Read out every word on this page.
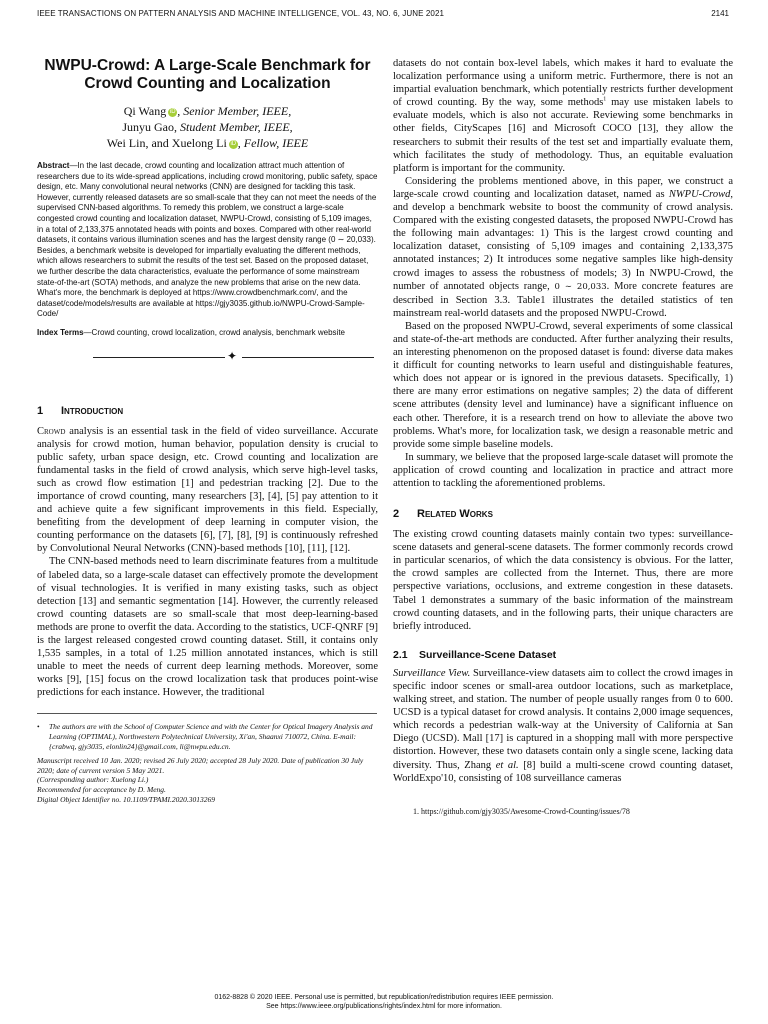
IEEE TRANSACTIONS ON PATTERN ANALYSIS AND MACHINE INTELLIGENCE, VOL. 43, NO. 6, JUNE 2021	2141
NWPU-Crowd: A Large-Scale Benchmark for
Crowd Counting and Localization
Qi Wang iD , Senior Member, IEEE,
Junyu Gao, Student Member, IEEE,
Wei Lin, and Xuelong Li iD , Fellow, IEEE
Abstract—In the last decade, crowd counting and localization attract much attention of researchers due to its wide-spread applications, including crowd monitoring, public safety, space design, etc. Many convolutional neural networks (CNN) are designed for tackling this task. However, currently released datasets are so small-scale that they can not meet the needs of the supervised CNN-based algorithms. To remedy this problem, we construct a large-scale congested crowd counting and localization dataset, NWPU-Crowd, consisting of 5,109 images, in a total of 2,133,375 annotated heads with points and boxes. Compared with other real-world datasets, it contains various illumination scenes and has the largest density range (0 ∼ 20,033). Besides, a benchmark website is developed for impartially evaluating the different methods, which allows researchers to submit the results of the test set. Based on the proposed dataset, we further describe the data characteristics, evaluate the performance of some mainstream state-of-the-art (SOTA) methods, and analyze the new problems that arise on the new data. What's more, the benchmark is deployed at https://www.crowdbenchmark.com/, and the dataset/code/models/results are available at https://gjy3035.github.io/NWPU-Crowd-Sample-Code/
Index Terms—Crowd counting, crowd localization, crowd analysis, benchmark website
✦
1 Introduction

Crowd analysis is an essential task in the field of video surveillance. Accurate analysis for crowd motion, human behavior, population density is crucial to public safety, urban space design, etc. Crowd counting and localization are fundamental tasks in the field of crowd analysis, which serve high-level tasks, such as crowd flow estimation [1] and pedestrian tracking [2]. Due to the importance of crowd counting, many researchers [3], [4], [5] pay attention to it and achieve quite a few significant improvements in this field. Especially, benefiting from the development of deep learning in computer vision, the counting performance on the datasets [6], [7], [8], [9] is continuously refreshed by Convolutional Neural Networks (CNN)-based methods [10], [11], [12].

The CNN-based methods need to learn discriminate features from a multitude of labeled data, so a large-scale dataset can effectively promote the development of visual technologies. It is verified in many existing tasks, such as object detection [13] and semantic segmentation [14]. However, the currently released crowd counting datasets are so small-scale that most deep-learning-based methods are prone to overfit the data. According to the statistics, UCF-QNRF [9] is the largest released congested crowd counting dataset. Still, it contains only 1,535 samples, in a total of 1.25 million annotated instances, which is still unable to meet the needs of current deep learning methods. Moreover, some works [9], [15] focus on the crowd localization task that produces point-wise predictions for each instance. However, the traditional

•	The authors are with the School of Computer Science and with the Center for Optical Imagery Analysis and Learning (OPTIMAL), Northwestern Polytechnical University, Xi'an, Shaanxi 710072, China. E-mail: {crabwq, gjy3035, elonlin24}@gmail.com, li@nwpu.edu.cn.
Manuscript received 10 Jan. 2020; revised 26 July 2020; accepted 28 July 2020. Date of publication 30 July 2020; date of current version 5 May 2021.
(Corresponding author: Xuelong Li.)
Recommended for acceptance by D. Meng.
Digital Object Identifier no. 10.1109/TPAMI.2020.3013269

datasets do not contain box-level labels, which makes it hard to evaluate the localization performance using a uniform metric. Furthermore, there is not an impartial evaluation benchmark, which potentially restricts further development of crowd counting. By the way, some methods$^1$ may use mistaken labels to evaluate models, which is also not accurate. Reviewing some benchmarks in other fields, CityScapes [16] and Microsoft COCO [13], they allow the researchers to submit their results of the test set and impartially evaluate them, which facilitates the study of methodology. Thus, an equitable evaluation platform is important for the community.

Considering the problems mentioned above, in this paper, we construct a large-scale crowd counting and localization dataset, named as NWPU-Crowd, and develop a benchmark website to boost the community of crowd analysis. Compared with the existing congested datasets, the proposed NWPU-Crowd has the following main advantages: 1) This is the largest crowd counting and localization dataset, consisting of 5,109 images and containing 2,133,375 annotated instances; 2) It introduces some negative samples like high-density crowd images to assess the robustness of models; 3) In NWPU-Crowd, the number of annotated objects range, 0 ∼ 20,033. More concrete features are described in Section 3.3. Table1 illustrates the detailed statistics of ten mainstream real-world datasets and the proposed NWPU-Crowd.

Based on the proposed NWPU-Crowd, several experiments of some classical and state-of-the-art methods are conducted. After further analyzing their results, an interesting phenomenon on the proposed dataset is found: diverse data makes it difficult for counting networks to learn useful and distinguishable features, which does not appear or is ignored in the previous datasets. Specifically, 1) there are many error estimations on negative samples; 2) the data of different scene attributes (density level and luminance) have a significant influence on each other. Therefore, it is a research trend on how to alleviate the above two problems. What's more, for localization task, we design a reasonable metric and provide some simple baseline models.

In summary, we believe that the proposed large-scale dataset will promote the application of crowd counting and localization in practice and attract more attention to tackling the aforementioned problems.

2 Related Works

The existing crowd counting datasets mainly contain two types: surveillance-scene datasets and general-scene datasets. The former commonly records crowd in particular scenarios, of which the data consistency is obvious. For the latter, the crowd samples are collected from the Internet. Thus, there are more perspective variations, occlusions, and extreme congestion in these datasets. Tabel 1 demonstrates a summary of the basic information of the mainstream crowd counting datasets, and in the following parts, their unique characters are briefly introduced.

2.1 Surveillance-Scene Dataset

Surveillance View. Surveillance-view datasets aim to collect the crowd images in specific indoor scenes or small-area outdoor locations, such as marketplace, walking street, and station. The number of people usually ranges from 0 to 600. UCSD is a typical dataset for crowd analysis. It contains 2,000 image sequences, which records a pedestrian walk-way at the University of California at San Diego (UCSD). Mall [17] is captured in a shopping mall with more perspective distortion. However, these two datasets contain only a single scene, lacking data diversity. Thus, Zhang et al. [8] build a multi-scene crowd counting dataset, WorldExpo'10, consisting of 108 surveillance cameras

1. https://github.com/gjy3035/Awesome-Crowd-Counting/issues/78
0162-8828 © 2020 IEEE. Personal use is permitted, but republication/redistribution requires IEEE permission.
See https://www.ieee.org/publications/rights/index.html for more information.
